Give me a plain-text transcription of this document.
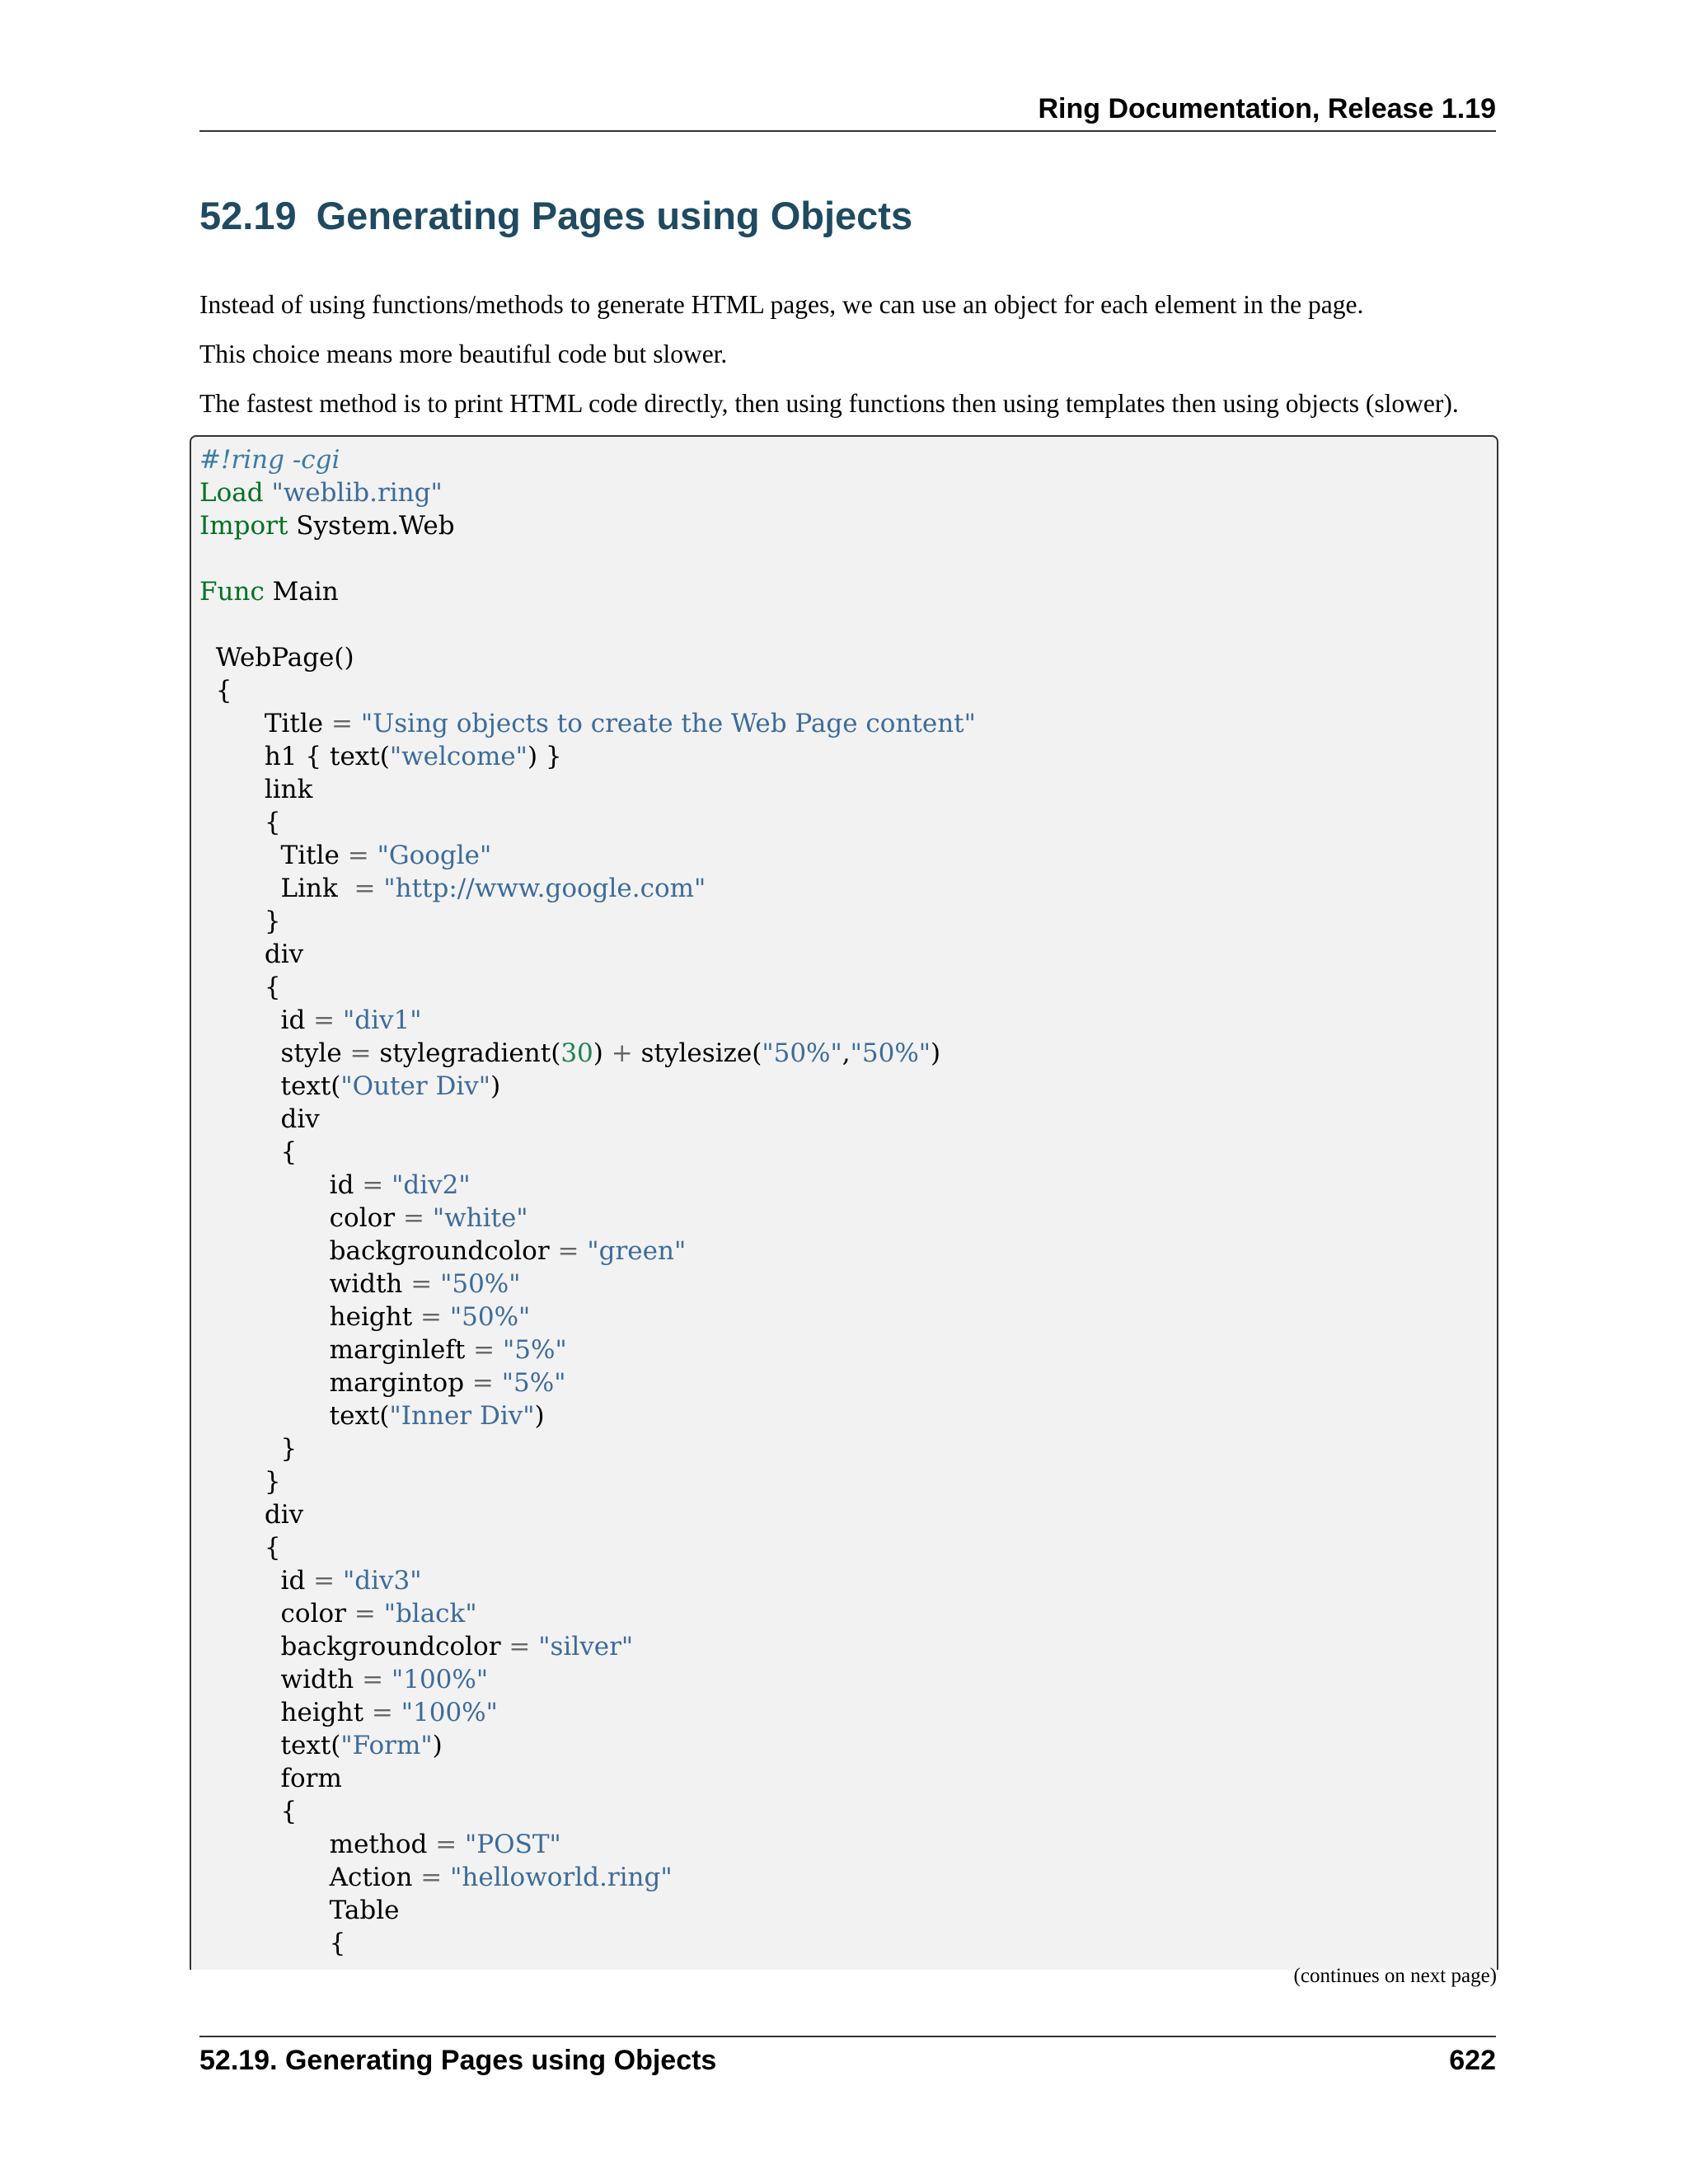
Ring Documentation, Release 1.19
52.19 Generating Pages using Objects
Instead of using functions/methods to generate HTML pages, we can use an object for each element in the page.
This choice means more beautiful code but slower.
The fastest method is to print HTML code directly, then using functions then using templates then using objects (slower).
#!ring -cgi
Load "weblib.ring"
Import System.Web
Func Main
WebPage()
{
Title = "Using objects to create the Web Page content"
h1 { text("welcome") }
link
{
Title = "Google"
Link = "http://www.google.com"
}
div
{
id = "div1"
style = stylegradient(30) + stylesize("50%","50%")
text("Outer Div")
div
{
id = "div2"
color = "white"
backgroundcolor = "green"
width = "50%"
height = "50%"
marginleft = "5%"
margintop = "5%"
text("Inner Div")
}
}
div
{
id = "div3"
color = "black"
backgroundcolor = "silver"
width = "100%"
height = "100%"
text("Form")
form
{
method = "POST"
Action = "helloworld.ring"
Table
{
(continues on next page)
52.19. Generating Pages using Objects	622
